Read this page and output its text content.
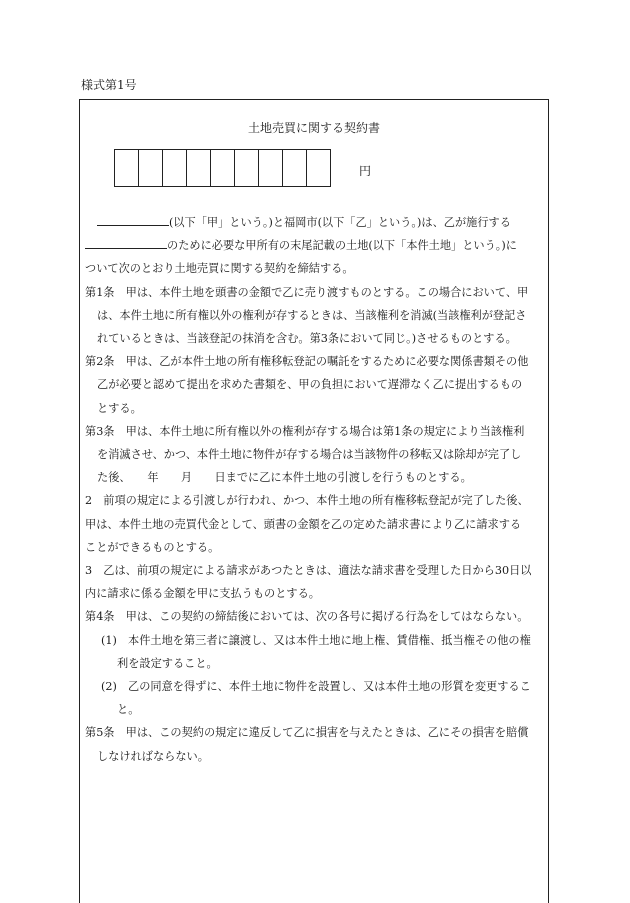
様式第1号
土地売買に関する契約書
円
(以下「甲」という。)と福岡市(以下「乙」という。)は、乙が施行する
のために必要な甲所有の末尾記載の土地(以下「本件土地」という。)に
ついて次のとおり土地売買に関する契約を締結する。
第1条　甲は、本件土地を頭書の金額で乙に売り渡すものとする。この場合において、甲
は、本件土地に所有権以外の権利が存するときは、当該権利を消滅(当該権利が登記さ
れているときは、当該登記の抹消を含む。第3条において同じ。)させるものとする。
第2条　甲は、乙が本件土地の所有権移転登記の嘱託をするために必要な関係書類その他
乙が必要と認めて提出を求めた書類を、甲の負担において遅滞なく乙に提出するもの
とする。
第3条　甲は、本件土地に所有権以外の権利が存する場合は第1条の規定により当該権利
を消滅させ、かつ、本件土地に物件が存する場合は当該物件の移転又は除却が完了し
た後、　　年　　月　　日までに乙に本件土地の引渡しを行うものとする。
2　前項の規定による引渡しが行われ、かつ、本件土地の所有権移転登記が完了した後、
甲は、本件土地の売買代金として、頭書の金額を乙の定めた請求書により乙に請求する
ことができるものとする。
3　乙は、前項の規定による請求があつたときは、適法な請求書を受理した日から30日以
内に請求に係る金額を甲に支払うものとする。
第4条　甲は、この契約の締結後においては、次の各号に掲げる行為をしてはならない。
(1)　本件土地を第三者に譲渡し、又は本件土地に地上権、賃借権、抵当権その他の権
利を設定すること。
(2)　乙の同意を得ずに、本件土地に物件を設置し、又は本件土地の形質を変更するこ
と。
第5条　甲は、この契約の規定に違反して乙に損害を与えたときは、乙にその損害を賠償
しなければならない。
